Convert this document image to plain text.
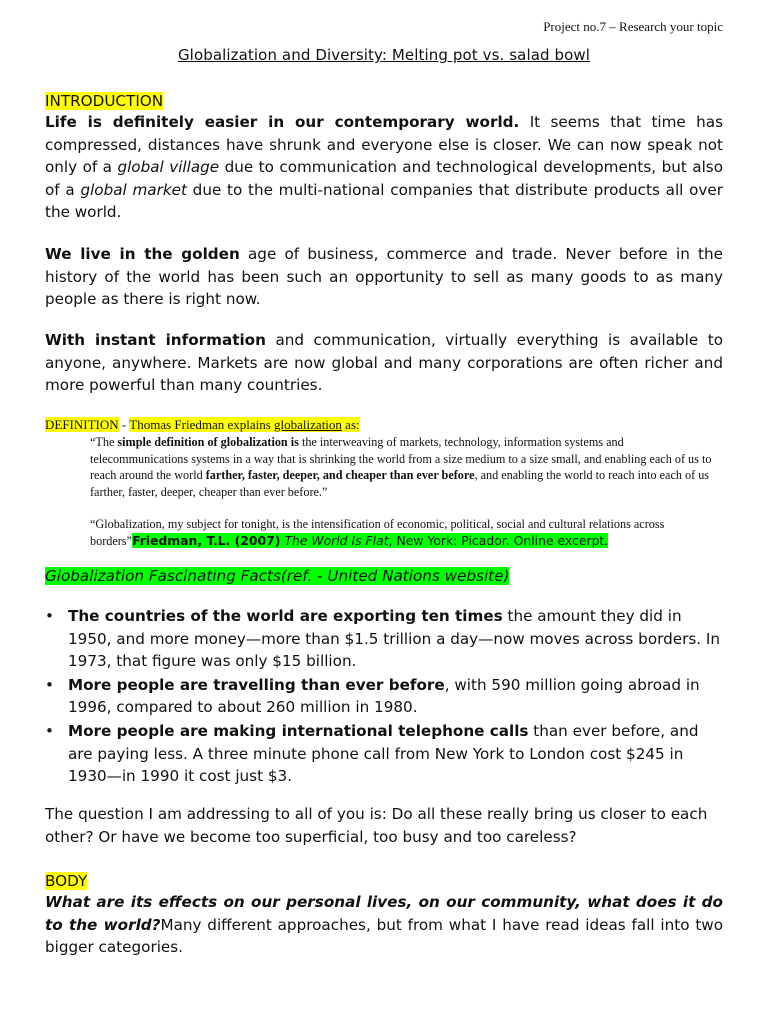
Project no.7 – Research your topic
Globalization and Diversity: Melting pot vs. salad bowl
INTRODUCTION

Life is definitely easier in our contemporary world. It seems that time has compressed, distances have shrunk and everyone else is closer. We can now speak not only of a global village due to communication and technological developments, but also of a global market due to the multi-national companies that distribute products all over the world.

We live in the golden age of business, commerce and trade. Never before in the history of the world has been such an opportunity to sell as many goods to as many people as there is right now.

With instant information and communication, virtually everything is available to anyone, anywhere. Markets are now global and many corporations are often richer and more powerful than many countries.

DEFINITION - Thomas Friedman explains globalization as:

“The simple definition of globalization is the interweaving of markets, technology, information systems and telecommunications systems in a way that is shrinking the world from a size medium to a size small, and enabling each of us to reach around the world farther, faster, deeper, and cheaper than ever before, and enabling the world to reach into each of us farther, faster, deeper, cheaper than ever before.”

“Globalization, my subject for tonight, is the intensification of economic, political, social and cultural relations across borders”Friedman, T.L. (2007) The World Is Flat, New York: Picador. Online excerpt.

Globalization Fascinating Facts(ref. - United Nations website)
• The countries of the world are exporting ten times the amount they did in 1950, and more money—more than $1.5 trillion a day—now moves across borders. In 1973, that figure was only $15 billion.
• More people are travelling than ever before, with 590 million going abroad in 1996, compared to about 260 million in 1980.
• More people are making international telephone calls than ever before, and are paying less. A three minute phone call from New York to London cost $245 in 1930—in 1990 it cost just $3.

The question I am addressing to all of you is: Do all these really bring us closer to each other? Or have we become too superficial, too busy and too careless?

BODY

What are its effects on our personal lives, on our community, what does it do to the world?Many different approaches, but from what I have read ideas fall into two bigger categories.
